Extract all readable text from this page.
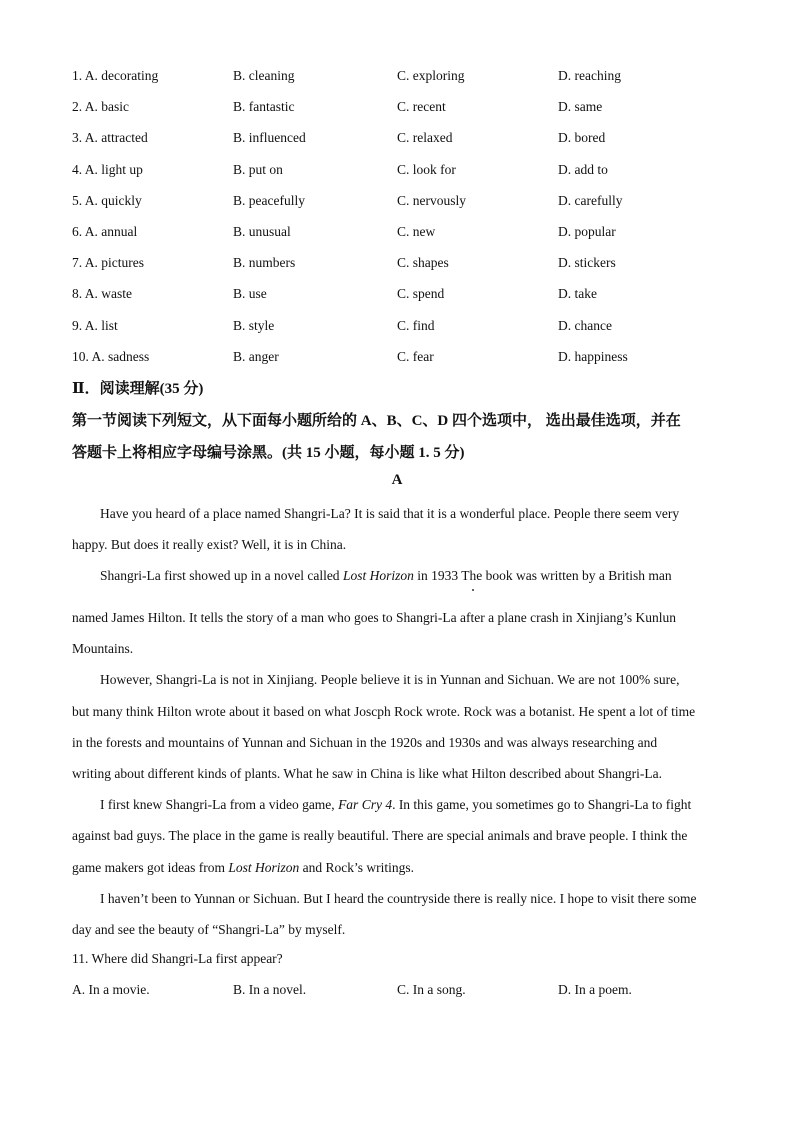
1. A. decorating	B. cleaning	C. exploring	D. reaching
2. A. basic	B. fantastic	C. recent	D. same
3. A. attracted	B. influenced	C. relaxed	D. bored
4. A. light up	B. put on	C. look for	D. add to
5. A. quickly	B. peacefully	C. nervously	D. carefully
6. A. annual	B. unusual	C. new	D. popular
7. A. pictures	B. numbers	C. shapes	D. stickers
8. A. waste	B. use	C. spend	D. take
9. A. list	B. style	C. find	D. chance
10. A. sadness	B. anger	C. fear	D. happiness
Ⅱ．阅读理解(35 分)
第一节阅读下列短文，从下面每小题所给的 A、B、C、D 四个选项中， 选出最佳选项，并在
答题卡上将相应字母编号涂黑。(共 15 小题，每小题 1. 5 分)
A
Have you heard of a place named Shangri-La? It is said that it is a wonderful place. People there seem very
happy. But does it really exist? Well, it is in China.
Shangri-La first showed up in a novel called Lost Horizon in 1933 The book was written by a British man
named James Hilton. It tells the story of a man who goes to Shangri-La after a plane crash in Xinjiang’s Kunlun
Mountains.
However, Shangri-La is not in Xinjiang. People believe it is in Yunnan and Sichuan. We are not 100% sure,
but many think Hilton wrote about it based on what Joscph Rock wrote. Rock was a botanist. He spent a lot of time
in the forests and mountains of Yunnan and Sichuan in the 1920s and 1930s and was always researching and
writing about different kinds of plants. What he saw in China is like what Hilton described about Shangri-La.
I first knew Shangri-La from a video game, Far Cry 4. In this game, you sometimes go to Shangri-La to fight
against bad guys. The place in the game is really beautiful. There are special animals and brave people. I think the
game makers got ideas from Lost Horizon and Rock’s writings.
I haven’t been to Yunnan or Sichuan. But I heard the countryside there is really nice. I hope to visit there some
day and see the beauty of “Shangri-La” by myself.
11. Where did Shangri-La first appear?
A. In a movie.	B. In a novel.	C. In a song.	D. In a poem.
